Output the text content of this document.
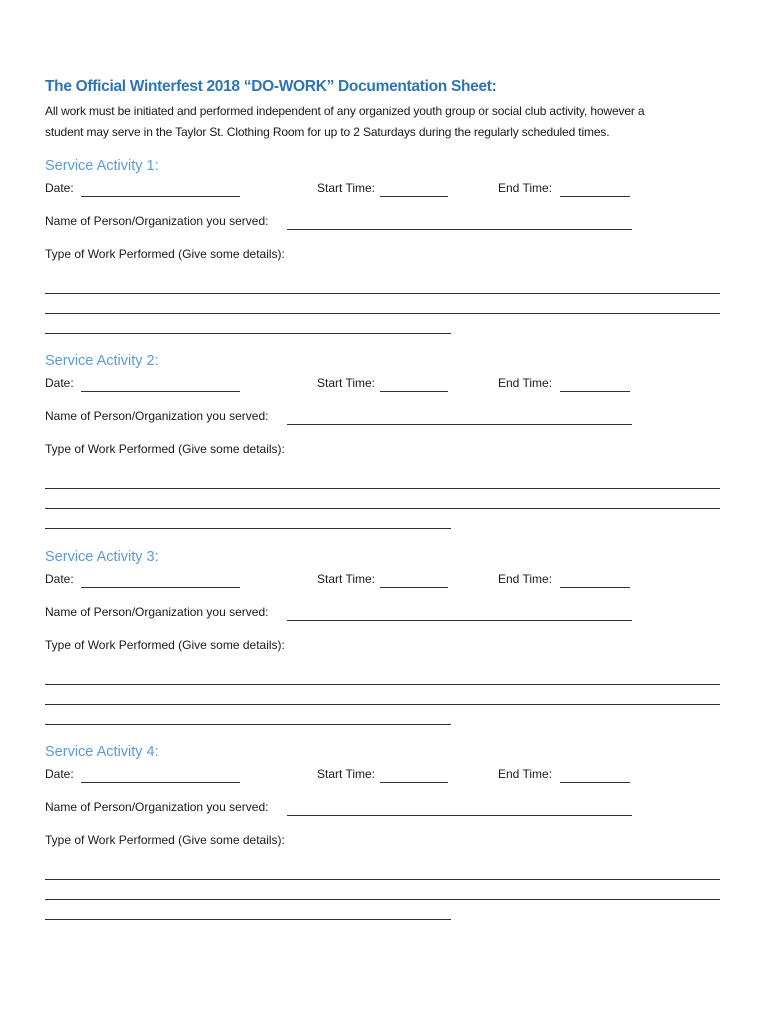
The Official Winterfest 2018 “DO-WORK” Documentation Sheet:
All work must be initiated and performed independent of any organized youth group or social club activity, however a
student may serve in the Taylor St. Clothing Room for up to 2 Saturdays during the regularly scheduled times.
Service Activity 1:
Date:	Start Time:	End Time:
Name of Person/Organization you served:
Type of Work Performed (Give some details):
Service Activity 2:
Date:	Start Time:	End Time:
Name of Person/Organization you served:
Type of Work Performed (Give some details):
Service Activity 3:
Date:	Start Time:	End Time:
Name of Person/Organization you served:
Type of Work Performed (Give some details):
Service Activity 4:
Date:	Start Time:	End Time:
Name of Person/Organization you served:
Type of Work Performed (Give some details):
